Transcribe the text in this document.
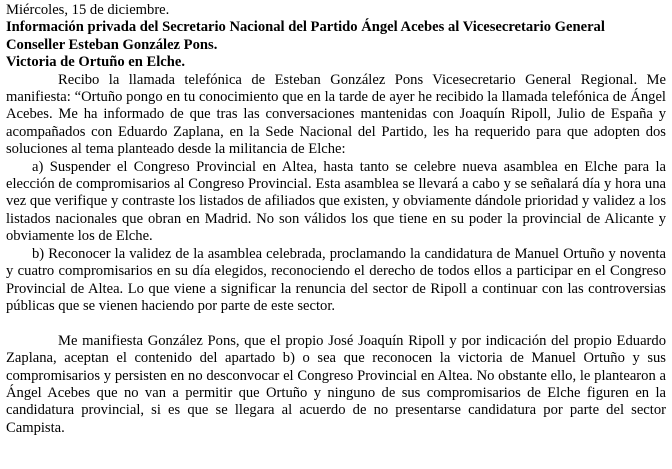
Miércoles, 15 de diciembre.

Información privada del Secretario Nacional del Partido Ángel Acebes al Vicesecretario General Conseller Esteban González Pons.

Victoria de Ortuño en Elche.

Recibo la llamada telefónica de Esteban González Pons Vicesecretario General Regional. Me manifiesta: “Ortuño pongo en tu conocimiento que en la tarde de ayer he recibido la llamada telefónica de Ángel Acebes. Me ha informado de que tras las conversaciones mantenidas con Joaquín Ripoll, Julio de España y acompañados con Eduardo Zaplana, en la Sede Nacional del Partido, les ha requerido para que adopten dos soluciones al tema planteado desde la militancia de Elche:

a) Suspender el Congreso Provincial en Altea, hasta tanto se celebre nueva asamblea en Elche para la elección de compromisarios al Congreso Provincial. Esta asamblea se llevará a cabo y se señalará día y hora una vez que verifique y contraste los listados de afiliados que existen, y obviamente dándole prioridad y validez a los listados nacionales que obran en Madrid. No son válidos los que tiene en su poder la provincial de Alicante y obviamente los de Elche.

b) Reconocer la validez de la asamblea celebrada, proclamando la candidatura de Manuel Ortuño y noventa y cuatro compromisarios en su día elegidos, reconociendo el derecho de todos ellos a participar en el Congreso Provincial de Altea. Lo que viene a significar la renuncia del sector de Ripoll a continuar con las controversias públicas que se vienen haciendo por parte de este sector.

Me manifiesta González Pons, que el propio José Joaquín Ripoll y por indicación del propio Eduardo Zaplana, aceptan el contenido del apartado b) o sea que reconocen la victoria de Manuel Ortuño y sus compromisarios y persisten en no desconvocar el Congreso Provincial en Altea. No obstante ello, le plantearon a Ángel Acebes que no van a permitir que Ortuño y ninguno de sus compromisarios de Elche figuren en la candidatura provincial, si es que se llegara al acuerdo de no presentarse candidatura por parte del sector Campista.
